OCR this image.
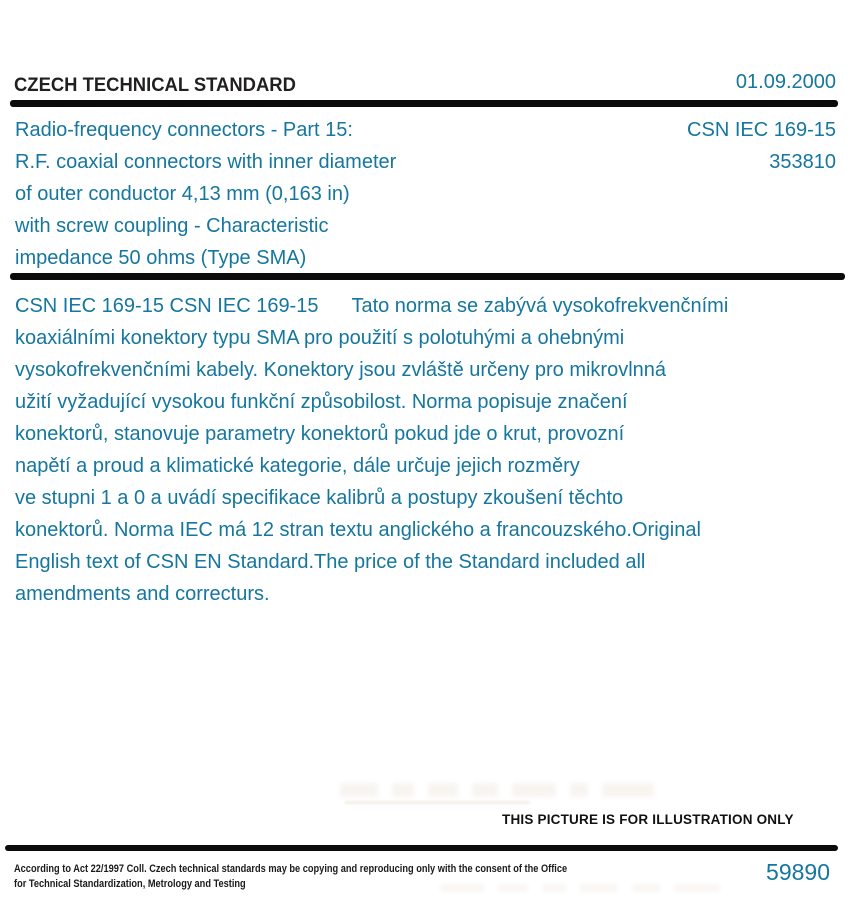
CZECH TECHNICAL STANDARD	01.09.2000
Radio-frequency connectors - Part 15:
R.F. coaxial connectors with inner diameter
of outer conductor 4,13 mm (0,163 in)
with screw coupling - Characteristic
impedance 50 ohms (Type SMA)
CSN IEC 169-15
353810
CSN IEC 169-15 CSN IEC 169-15      Tato norma se zabývá vysokofrekvenčními
koaxiálními konektory typu SMA pro použití s polotuhými a ohebnými
vysokofrekvenčními kabely. Konektory jsou zvláště určeny pro mikrovlnná
užití vyžadující vysokou funkční způsobilost. Norma popisuje značení
konektorů, stanovuje parametry konektorů pokud jde o krut, provozní
napětí a proud a klimatické kategorie, dále určuje jejich rozměry
ve stupni 1 a 0 a uvádí specifikace kalibrů a postupy zkoušení těchto
konektorů. Norma IEC má 12 stran textu anglického a francouzského.Original
English text of CSN EN Standard.The price of the Standard included all
amendments and correcturs.
THIS PICTURE IS FOR ILLUSTRATION ONLY
According to Act 22/1997 Coll. Czech technical standards may be copying and reproducing only with the consent of the Office
for Technical Standardization, Metrology and Testing	59890
